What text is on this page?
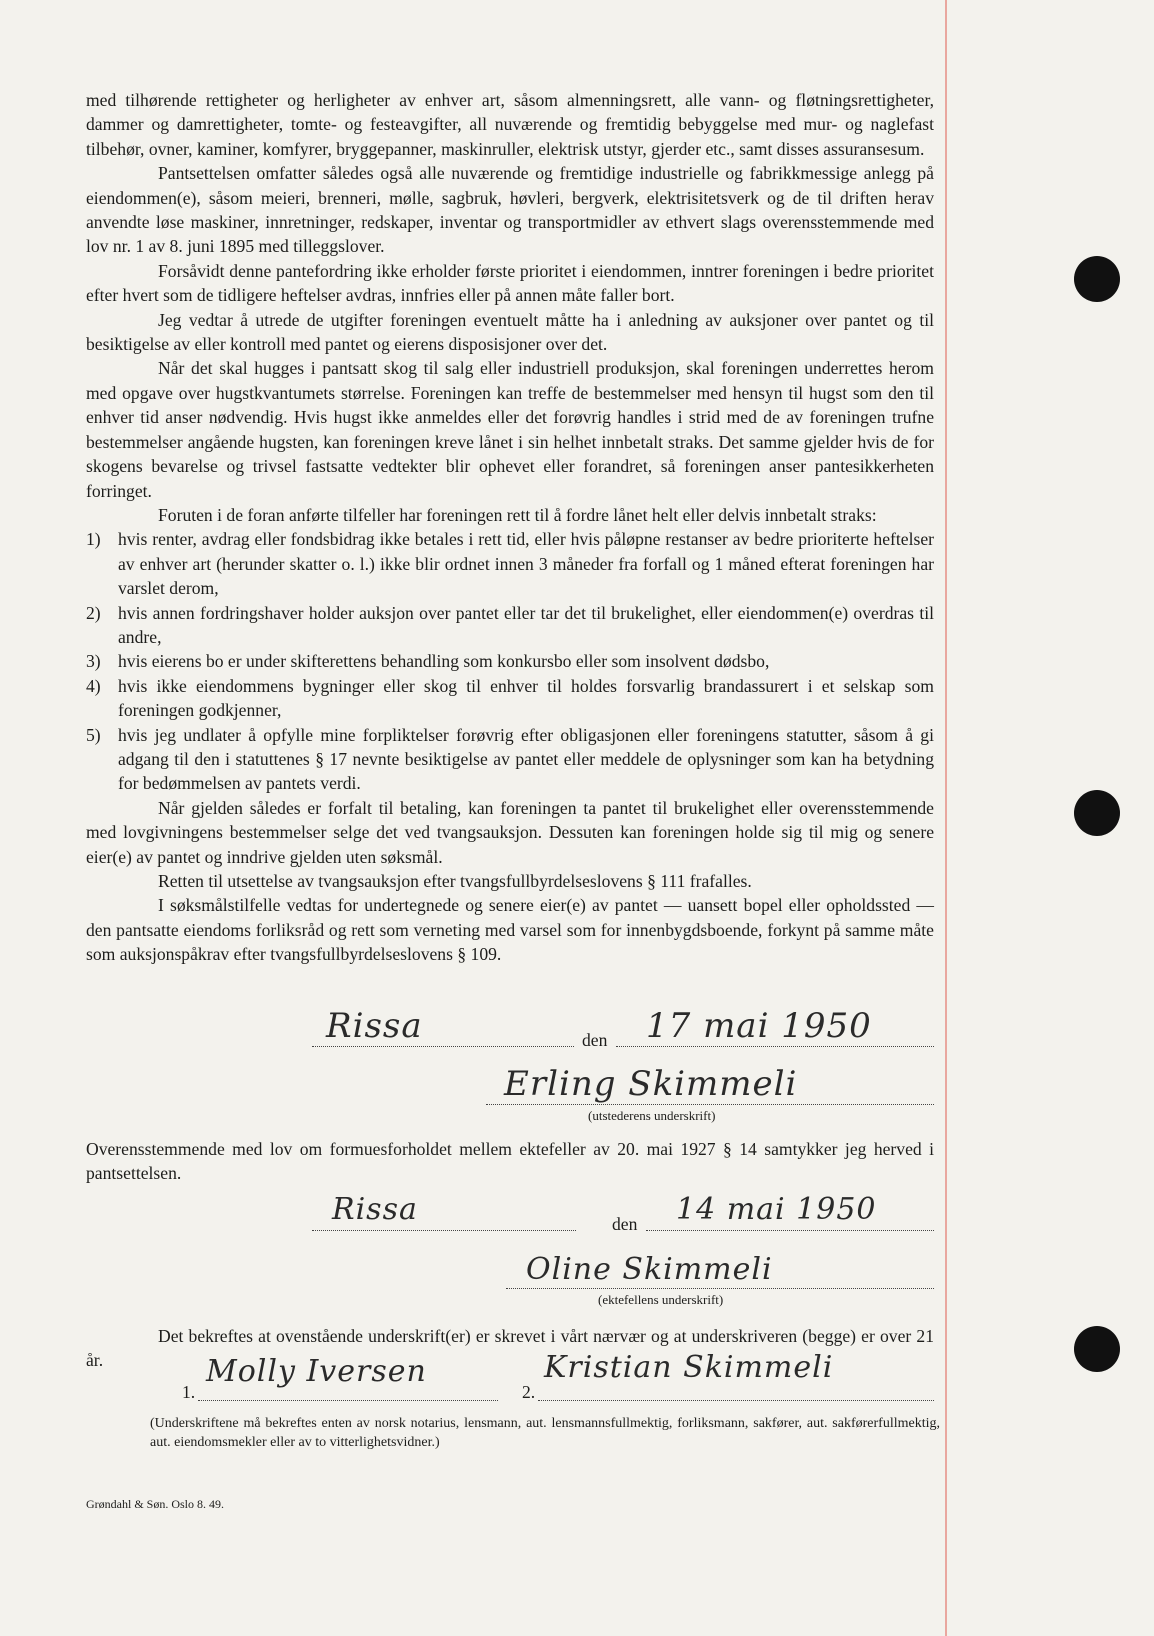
med tilhørende rettigheter og herligheter av enhver art, såsom almenningsrett, alle vann- og fløtningsrettigheter, dammer og damrettigheter, tomte- og festeavgifter, all nuværende og fremtidig bebyggelse med mur- og naglefast tilbehør, ovner, kaminer, komfyrer, bryggepanner, maskinruller, elektrisk utstyr, gjerder etc., samt disses assuransesum.

Pantsettelsen omfatter således også alle nuværende og fremtidige industrielle og fabrikkmessige anlegg på eiendommen(e), såsom meieri, brenneri, mølle, sagbruk, høvleri, bergverk, elektrisitetsverk og de til driften herav anvendte løse maskiner, innretninger, redskaper, inventar og transportmidler av ethvert slags overensstemmende med lov nr. 1 av 8. juni 1895 med tilleggslover.

Forsåvidt denne pantefordring ikke erholder første prioritet i eiendommen, inntrer foreningen i bedre prioritet efter hvert som de tidligere heftelser avdras, innfries eller på annen måte faller bort.

Jeg vedtar å utrede de utgifter foreningen eventuelt måtte ha i anledning av auksjoner over pantet og til besiktigelse av eller kontroll med pantet og eierens disposisjoner over det.

Når det skal hugges i pantsatt skog til salg eller industriell produksjon, skal foreningen underrettes herom med opgave over hugstkvantumets størrelse. Foreningen kan treffe de bestemmelser med hensyn til hugst som den til enhver tid anser nødvendig. Hvis hugst ikke anmeldes eller det forøvrig handles i strid med de av foreningen trufne bestemmelser angående hugsten, kan foreningen kreve lånet i sin helhet innbetalt straks. Det samme gjelder hvis de for skogens bevarelse og trivsel fastsatte vedtekter blir ophevet eller forandret, så foreningen anser pantesikkerheten forringet.

Foruten i de foran anførte tilfeller har foreningen rett til å fordre lånet helt eller delvis innbetalt straks:

1) hvis renter, avdrag eller fondsbidrag ikke betales i rett tid, eller hvis påløpne restanser av bedre prioriterte heftelser av enhver art (herunder skatter o. l.) ikke blir ordnet innen 3 måneder fra forfall og 1 måned efterat foreningen har varslet derom,
2) hvis annen fordringshaver holder auksjon over pantet eller tar det til brukelighet, eller eiendommen(e) overdras til andre,
3) hvis eierens bo er under skifterettens behandling som konkursbo eller som insolvent dødsbo,
4) hvis ikke eiendommens bygninger eller skog til enhver til holdes forsvarlig brandassurert i et selskap som foreningen godkjenner,
5) hvis jeg undlater å opfylle mine forpliktelser forøvrig efter obligasjonen eller foreningens statutter, såsom å gi adgang til den i statuttenes § 17 nevnte besiktigelse av pantet eller meddele de oplysninger som kan ha betydning for bedømmelsen av pantets verdi.

Når gjelden således er forfalt til betaling, kan foreningen ta pantet til brukelighet eller overensstemmende med lovgivningens bestemmelser selge det ved tvangsauksjon. Dessuten kan foreningen holde sig til mig og senere eier(e) av pantet og inndrive gjelden uten søksmål.

Retten til utsettelse av tvangsauksjon efter tvangsfullbyrdelseslovens § 111 frafalles.

I søksmålstilfelle vedtas for undertegnede og senere eier(e) av pantet — uansett bopel eller opholdssted — den pantsatte eiendoms forliksråd og rett som verneting med varsel som for innenbygdsboende, forkynt på samme måte som auksjonspåkrav efter tvangsfullbyrdelseslovens § 109.

Rissa	den 17 mai 1950
Erling Skimmeli
(utstederens underskrift)

Overensstemmende med lov om formuesforholdet mellem ektefeller av 20. mai 1927 § 14 samtykker jeg herved i pantsettelsen.

Rissa	den 14 mai 1950
Oline Skimmeli
(ektefellens underskrift)

Det bekreftes at ovenstående underskrift(er) er skrevet i vårt nærvær og at underskriveren (begge) er over 21 år.

1.
Molly Iversen
2.
Kristian Skimmeli
(Underskriftene må bekreftes enten av norsk notarius, lensmann, aut. lensmannsfullmektig, forliksmann, sakfører, aut. sakførerfullmektig, aut. eiendomsmekler eller av to vitterlighetsvidner.)
Grøndahl & Søn. Oslo 8. 49.
